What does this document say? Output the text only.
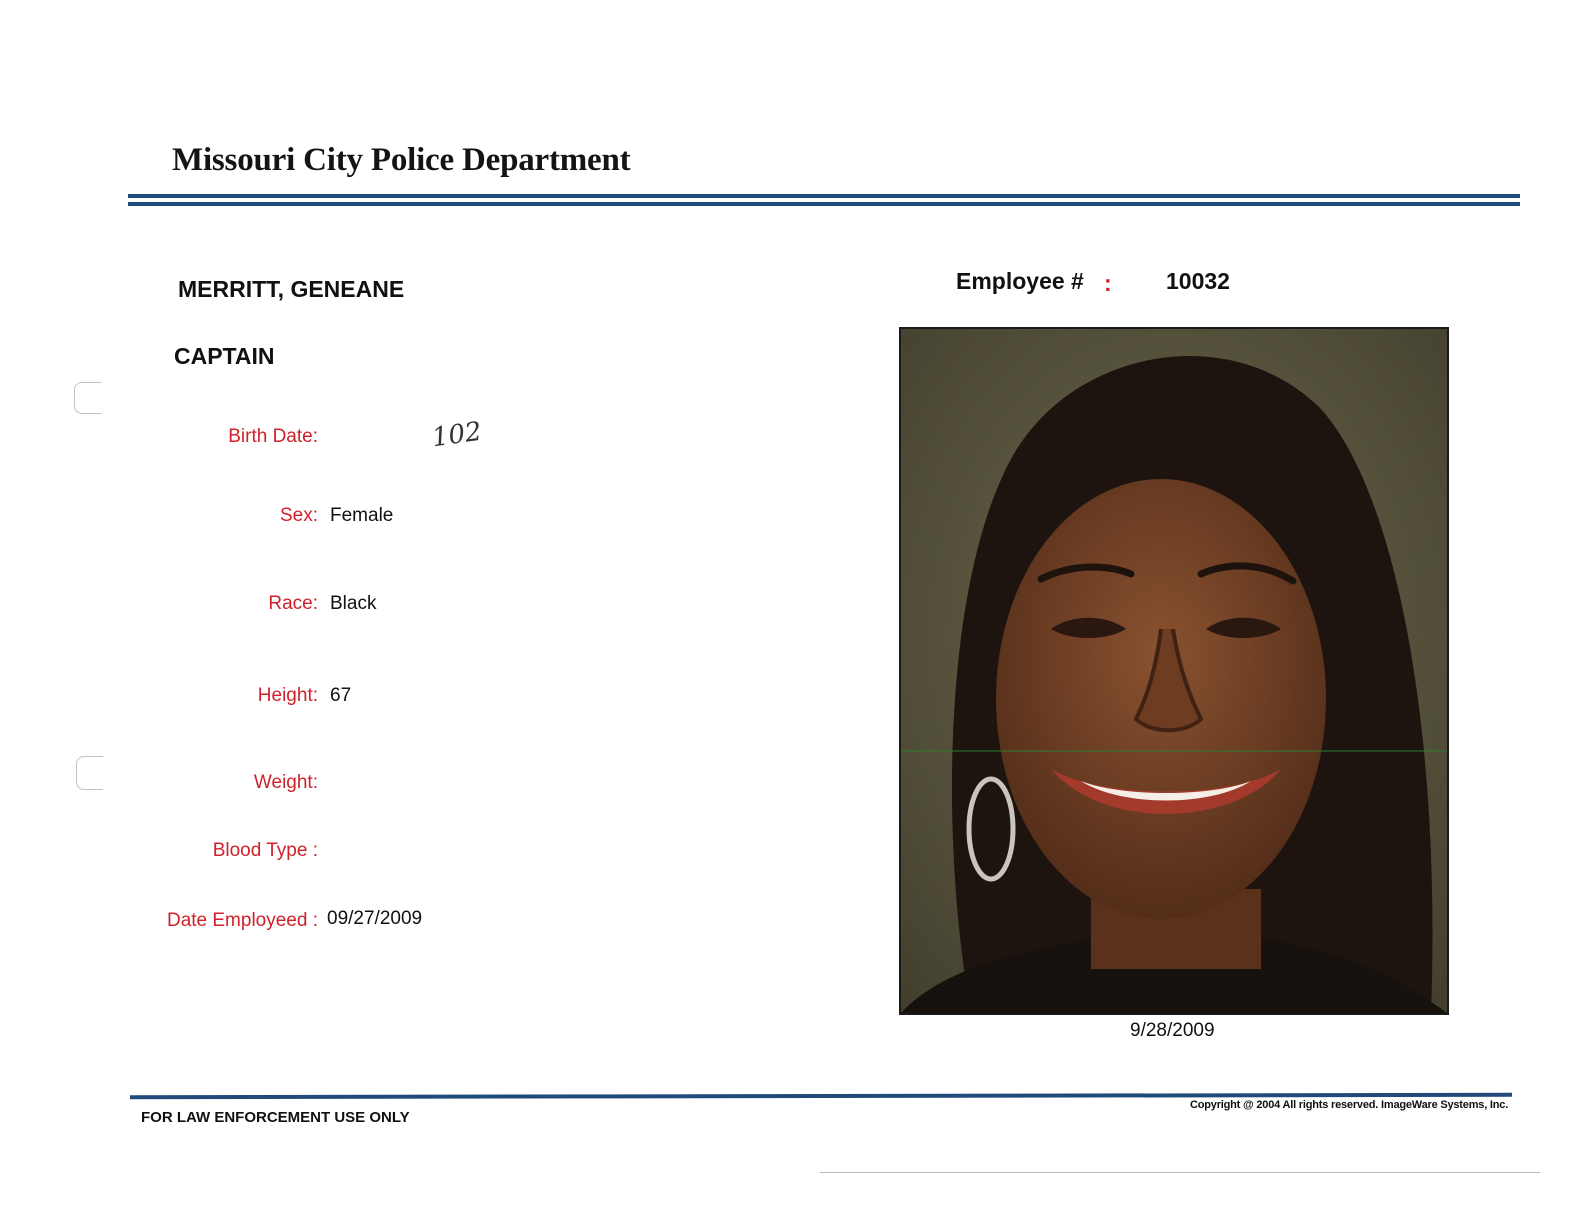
Missouri City Police Department
MERRITT, GENEANE
CAPTAIN
Birth Date:	102
Sex: Female
Race: Black
Height: 67
Weight:
Blood Type :
Date Employeed : 09/27/2009
Employee # : 10032
9/28/2009
FOR LAW ENFORCEMENT USE ONLY
Copyright @ 2004 All rights reserved. ImageWare Systems, Inc.
